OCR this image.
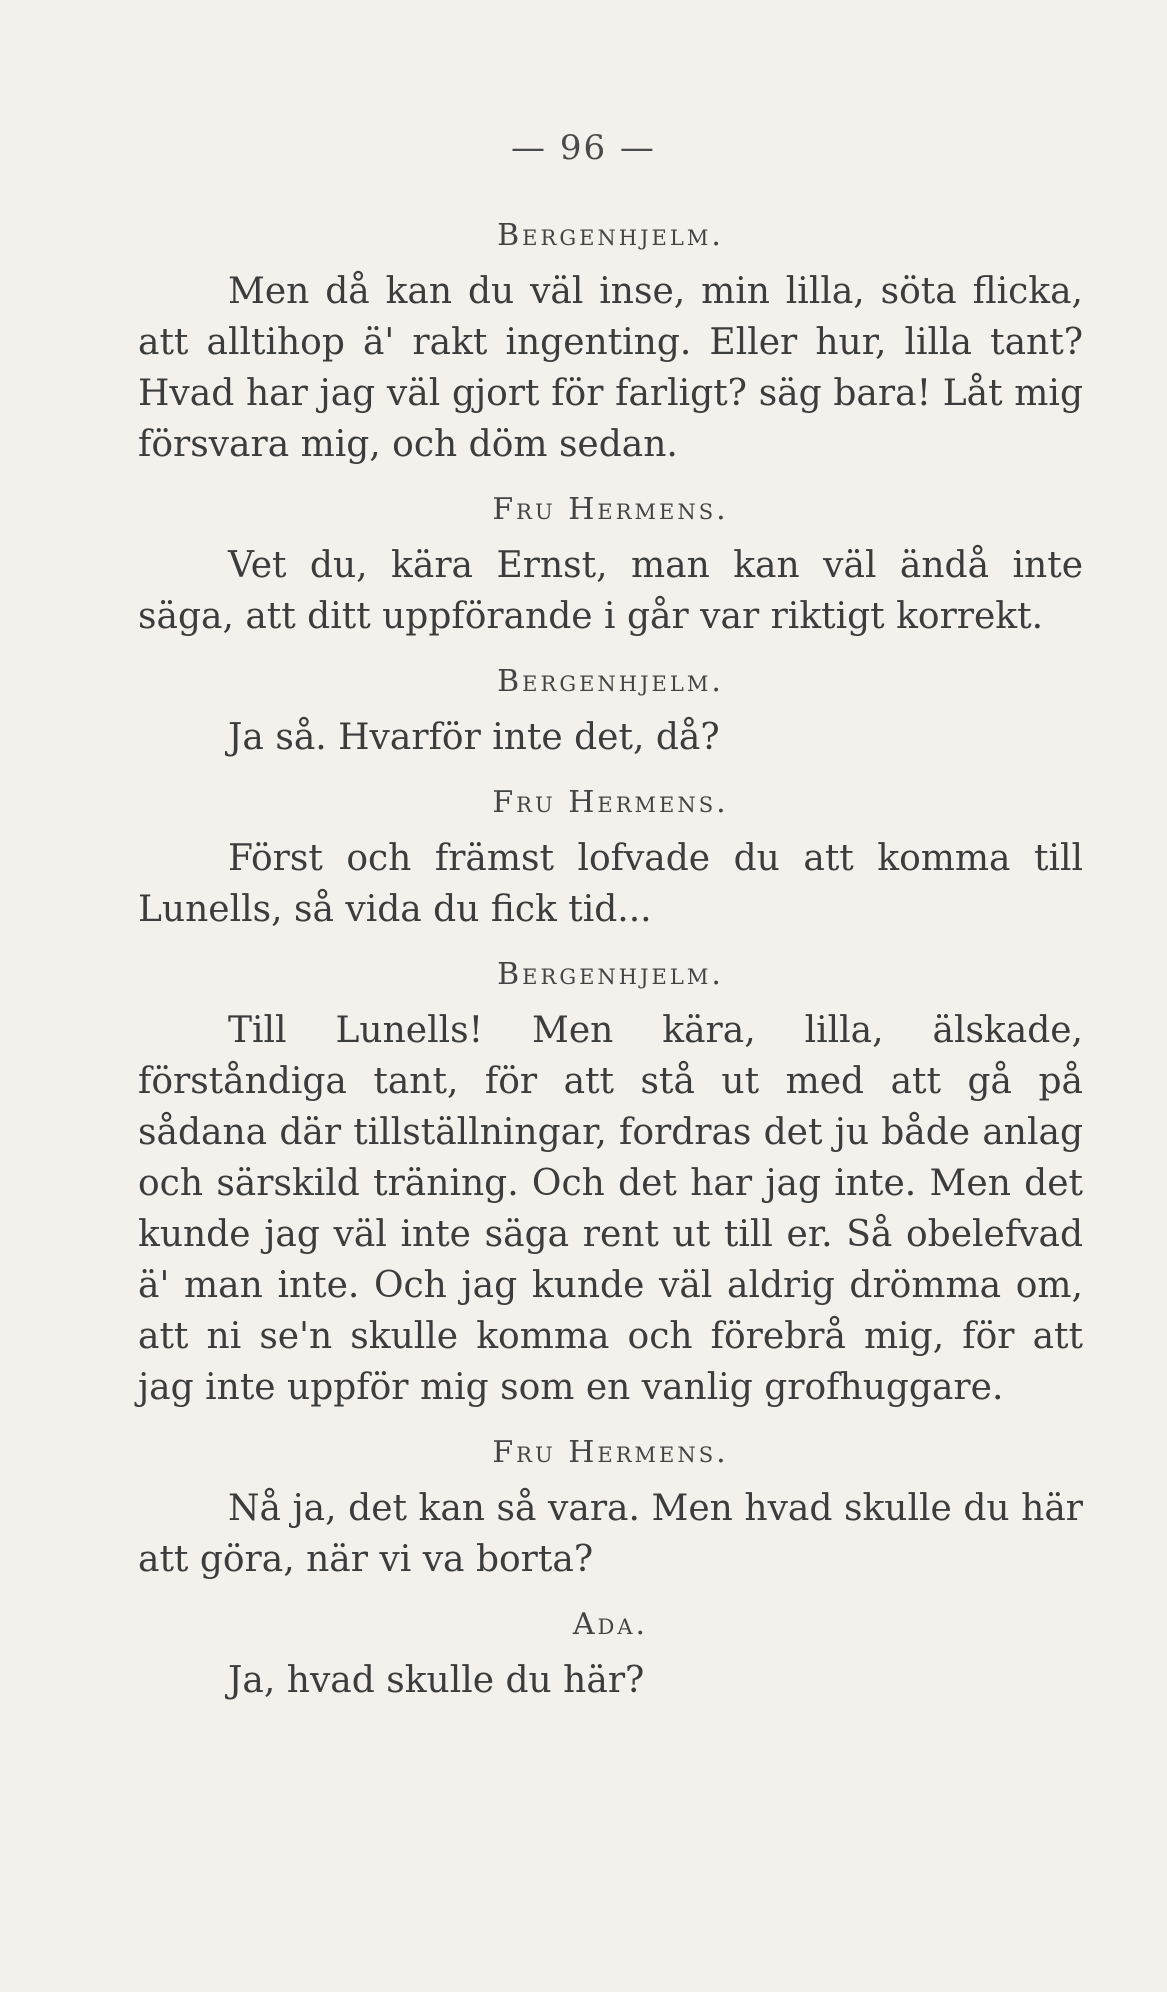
— 96 —
Bergenhjelm.

Men då kan du väl inse, min lilla, söta flicka, att alltihop ä' rakt ingenting. Eller hur, lilla tant? Hvad har jag väl gjort för farligt? säg bara! Låt mig försvara mig, och döm sedan.

Fru Hermens.

Vet du, kära Ernst, man kan väl ändå inte säga, att ditt uppförande i går var riktigt korrekt.

Bergenhjelm.

Ja så. Hvarför inte det, då?

Fru Hermens.

Först och främst lofvade du att komma till Lunells, så vida du fick tid...

Bergenhjelm.

Till Lunells! Men kära, lilla, älskade, förståndiga tant, för att stå ut med att gå på sådana där tillställningar, fordras det ju både anlag och särskild träning. Och det har jag inte. Men det kunde jag väl inte säga rent ut till er. Så obelefvad ä' man inte. Och jag kunde väl aldrig drömma om, att ni se'n skulle komma och förebrå mig, för att jag inte uppför mig som en vanlig grofhuggare.

Fru Hermens.

Nå ja, det kan så vara. Men hvad skulle du här att göra, när vi va borta?

Ada.

Ja, hvad skulle du här?
